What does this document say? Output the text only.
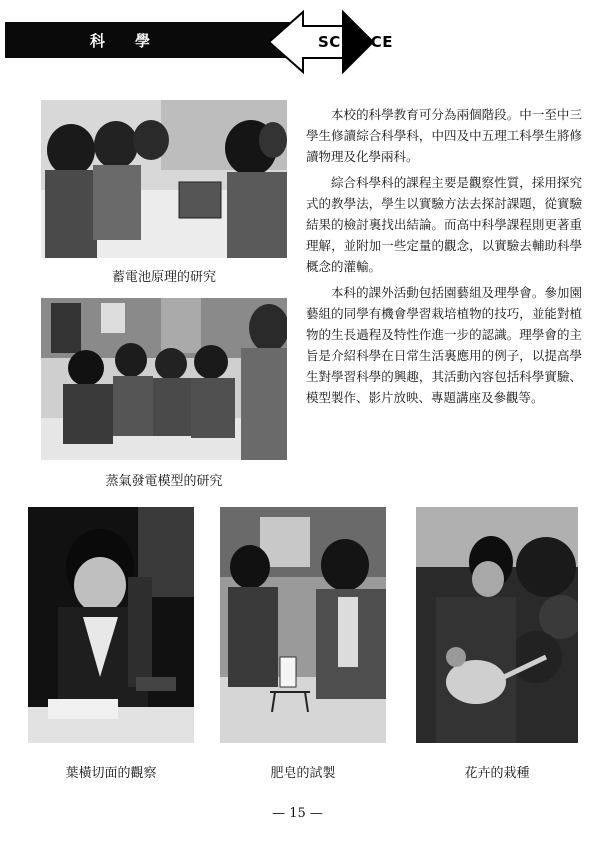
科學	SCIENCE
蓄電池原理的研究
蒸氣發電模型的研究

本校的科學教育可分為兩個階段。中一至中三學生修讀綜合科學科，中四及中五理工科學生將修讀物理及化學兩科。

綜合科學科的課程主要是觀察性質，採用探究式的教學法，學生以實驗方法去探討課題，從實驗結果的檢討裏找出結論。而高中科學課程則更著重理解，並附加一些定量的觀念，以實驗去輔助科學概念的灌輸。

本科的課外活動包括園藝組及理學會。參加園藝組的同學有機會學習栽培植物的技巧，並能對植物的生長過程及特性作進一步的認識。理學會的主旨是介紹科學在日常生活裏應用的例子，以提高學生對學習科學的興趣，其活動內容包括科學實驗、模型製作、影片放映、專題講座及參觀等。

葉橫切面的觀察	肥皂的試製	花卉的栽種
— 15 —
